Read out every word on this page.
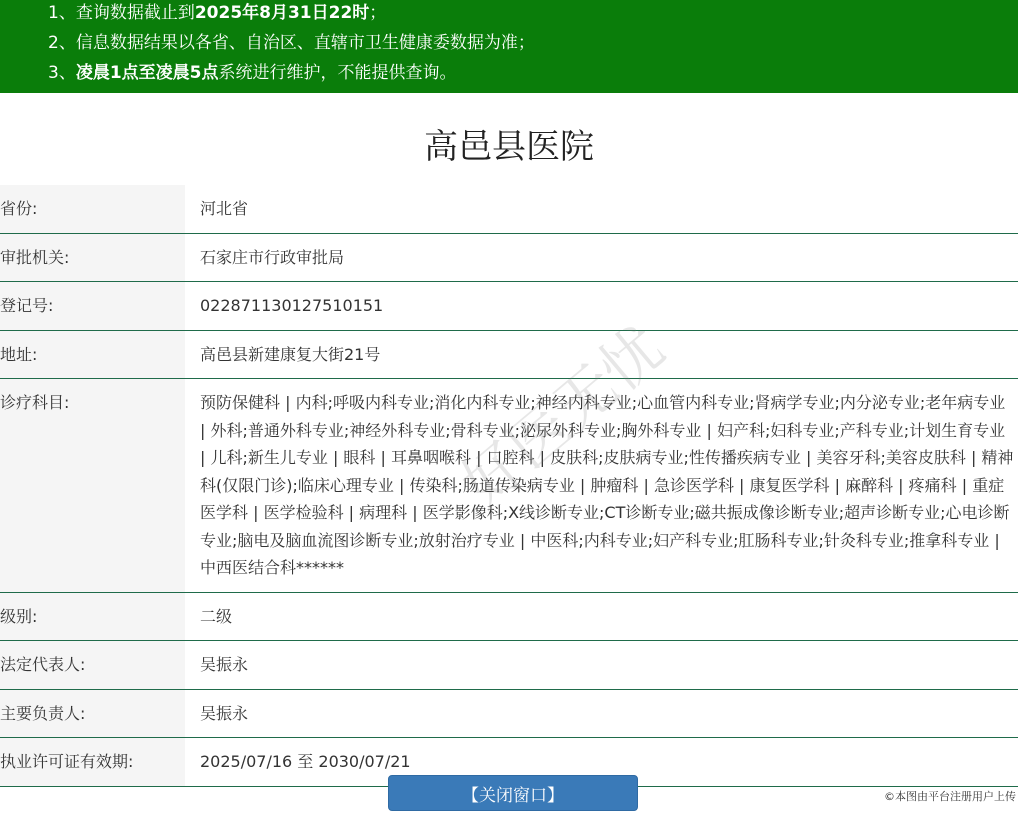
1、查询数据截止到2025年8月31日22时；
2、信息数据结果以各省、自治区、直辖市卫生健康委数据为准；
3、凌晨1点至凌晨5点系统进行维护，不能提供查询。
高邑县医院
省份:	河北省
审批机关:	石家庄市行政审批局
登记号:	022871130127510151
地址:	高邑县新建康复大街21号
诊疗科目:	预防保健科 | 内科;呼吸内科专业;消化内科专业;神经内科专业;心血管内科专业;肾病学专业;内分泌专业;老年病专业 | 外科;普通外科专业;神经外科专业;骨科专业;泌尿外科专业;胸外科专业 | 妇产科;妇科专业;产科专业;计划生育专业 | 儿科;新生儿专业 | 眼科 | 耳鼻咽喉科 | 口腔科 | 皮肤科;皮肤病专业;性传播疾病专业 | 美容牙科;美容皮肤科 | 精神科(仅限门诊);临床心理专业 | 传染科;肠道传染病专业 | 肿瘤科 | 急诊医学科 | 康复医学科 | 麻醉科 | 疼痛科 | 重症医学科 | 医学检验科 | 病理科 | 医学影像科;X线诊断专业;CT诊断专业;磁共振成像诊断专业;超声诊断专业;心电诊断专业;脑电及脑血流图诊断专业;放射治疗专业 | 中医科;内科专业;妇产科专业;肛肠科专业;针灸科专业;推拿科专业 | 中西医结合科******
级别:	二级
法定代表人:	吴振永
主要负责人:	吴振永
执业许可证有效期:	2025/07/16 至 2030/07/21
好医无忧
【关闭窗口】	©本图由平台注册用户上传
